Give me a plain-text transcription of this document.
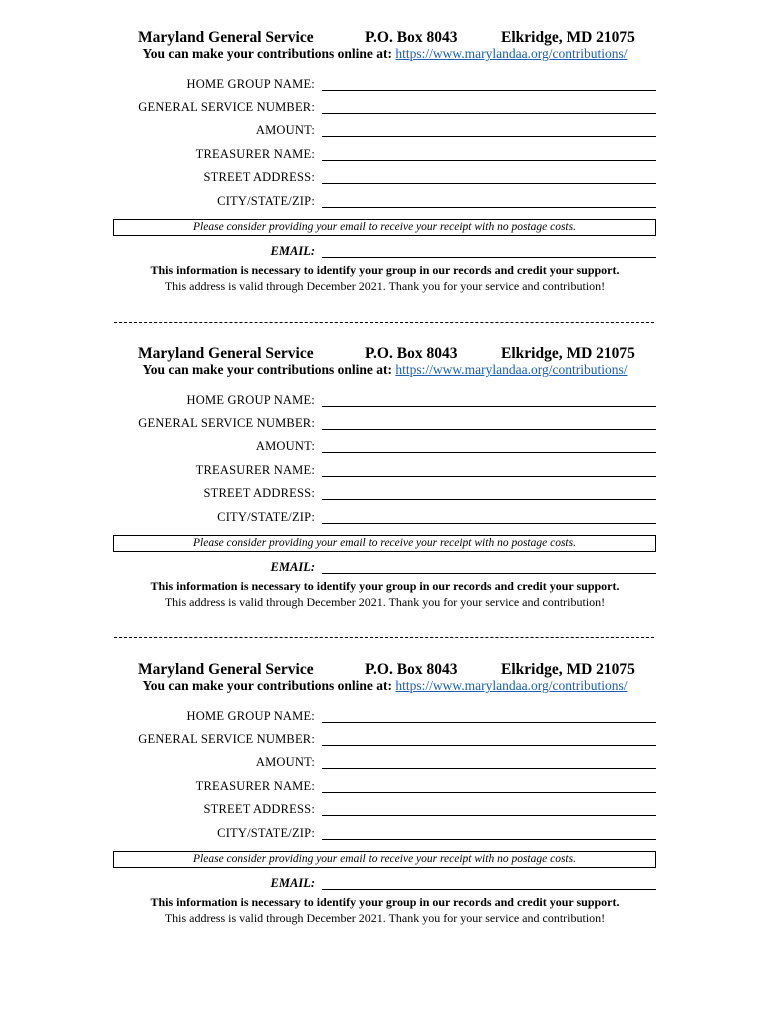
Maryland General Service	P.O. Box 8043	Elkridge, MD 21075
You can make your contributions online at: https://www.marylandaa.org/contributions/
HOME GROUP NAME:
GENERAL SERVICE NUMBER:
AMOUNT:
TREASURER NAME:
STREET ADDRESS:
CITY/STATE/ZIP:
Please consider providing your email to receive your receipt with no postage costs.
EMAIL:
This information is necessary to identify your group in our records and credit your support.
This address is valid through December 2021. Thank you for your service and contribution!
Maryland General Service	P.O. Box 8043	Elkridge, MD 21075
You can make your contributions online at: https://www.marylandaa.org/contributions/
HOME GROUP NAME:
GENERAL SERVICE NUMBER:
AMOUNT:
TREASURER NAME:
STREET ADDRESS:
CITY/STATE/ZIP:
Please consider providing your email to receive your receipt with no postage costs.
EMAIL:
This information is necessary to identify your group in our records and credit your support.
This address is valid through December 2021. Thank you for your service and contribution!
Maryland General Service	P.O. Box 8043	Elkridge, MD 21075
You can make your contributions online at: https://www.marylandaa.org/contributions/
HOME GROUP NAME:
GENERAL SERVICE NUMBER:
AMOUNT:
TREASURER NAME:
STREET ADDRESS:
CITY/STATE/ZIP:
Please consider providing your email to receive your receipt with no postage costs.
EMAIL:
This information is necessary to identify your group in our records and credit your support.
This address is valid through December 2021. Thank you for your service and contribution!
